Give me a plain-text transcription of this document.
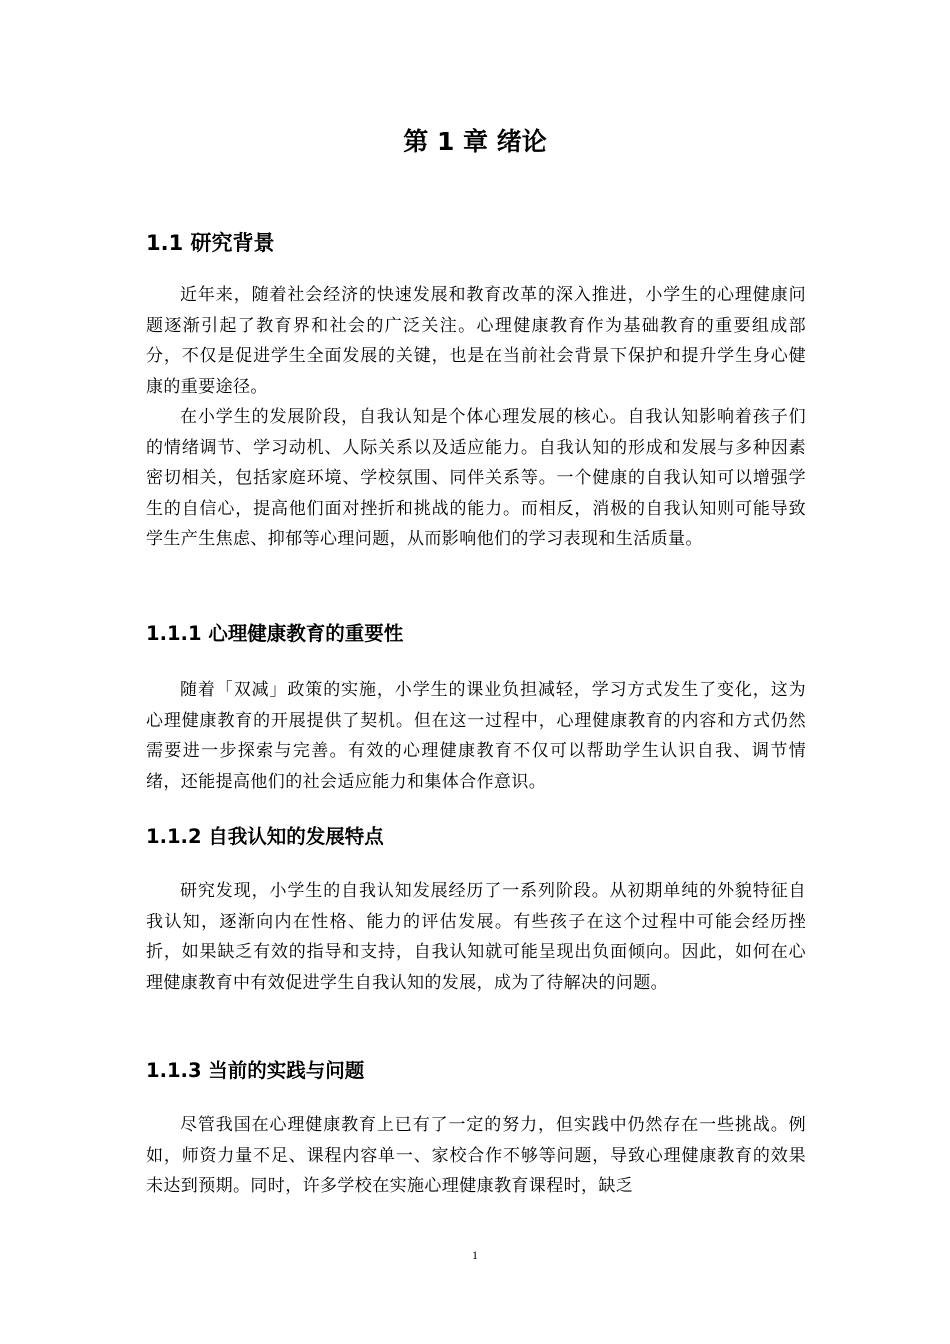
第 1 章 绪论
1.1 研究背景

近年来，随着社会经济的快速发展和教育改革的深入推进，小学生的心理健康问题逐渐引起了教育界和社会的广泛关注。心理健康教育作为基础教育的重要组成部分，不仅是促进学生全面发展的关键，也是在当前社会背景下保护和提升学生身心健康的重要途径。

在小学生的发展阶段，自我认知是个体心理发展的核心。自我认知影响着孩子们的情绪调节、学习动机、人际关系以及适应能力。自我认知的形成和发展与多种因素密切相关，包括家庭环境、学校氛围、同伴关系等。一个健康的自我认知可以增强学生的自信心，提高他们面对挫折和挑战的能力。而相反，消极的自我认知则可能导致学生产生焦虑、抑郁等心理问题，从而影响他们的学习表现和生活质量。

1.1.1 心理健康教育的重要性

随着「双减」政策的实施，小学生的课业负担减轻，学习方式发生了变化，这为心理健康教育的开展提供了契机。但在这一过程中，心理健康教育的内容和方式仍然需要进一步探索与完善。有效的心理健康教育不仅可以帮助学生认识自我、调节情绪，还能提高他们的社会适应能力和集体合作意识。

1.1.2 自我认知的发展特点

研究发现，小学生的自我认知发展经历了一系列阶段。从初期单纯的外貌特征自我认知，逐渐向内在性格、能力的评估发展。有些孩子在这个过程中可能会经历挫折，如果缺乏有效的指导和支持，自我认知就可能呈现出负面倾向。因此，如何在心理健康教育中有效促进学生自我认知的发展，成为了待解决的问题。

1.1.3 当前的实践与问题

尽管我国在心理健康教育上已有了一定的努力，但实践中仍然存在一些挑战。例如，师资力量不足、课程内容单一、家校合作不够等问题，导致心理健康教育的效果未达到预期。同时，许多学校在实施心理健康教育课程时，缺乏

1
